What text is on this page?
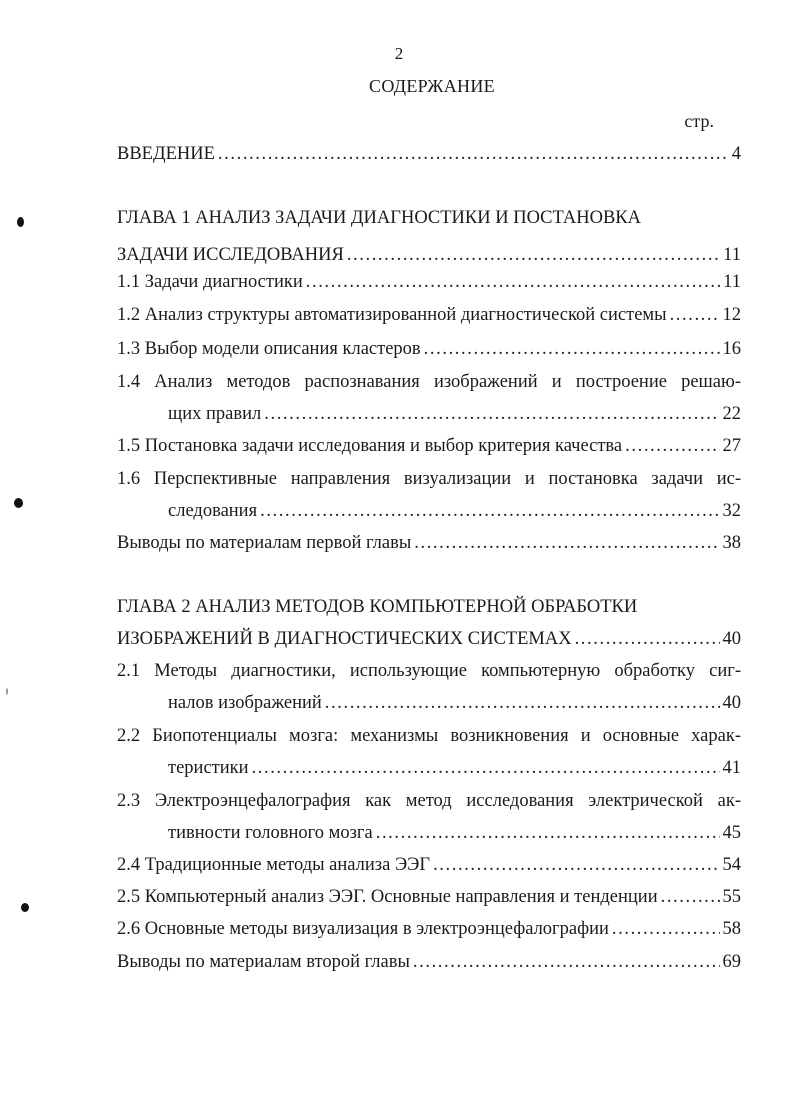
2
СОДЕРЖАНИЕ
стр.
ВВЕДЕНИЕ .....	4
ГЛАВА 1 АНАЛИЗ ЗАДАЧИ ДИАГНОСТИКИ И ПОСТАНОВКА
ЗАДАЧИ ИССЛЕДОВАНИЯ .....	11
1.1 Задачи диагностики .....	11
1.2 Анализ структуры автоматизированной диагностической системы .....	12
1.3 Выбор модели описания кластеров .....	16
1.4 Анализ методов распознавания изображений и построение решаю-
щих правил .....	22
1.5 Постановка задачи исследования и выбор критерия качества .....	27
1.6 Перспективные направления визуализации и постановка задачи ис-
следования .....	32
Выводы по материалам первой главы .....	38
ГЛАВА 2 АНАЛИЗ МЕТОДОВ КОМПЬЮТЕРНОЙ ОБРАБОТКИ
ИЗОБРАЖЕНИЙ В ДИАГНОСТИЧЕСКИХ СИСТЕМАХ .....	40
2.1 Методы диагностики, использующие компьютерную обработку сиг-
налов изображений .....	40
2.2 Биопотенциалы мозга: механизмы возникновения и основные харак-
теристики .....	41
2.3 Электроэнцефалография как метод исследования электрической ак-
тивности головного мозга .....	45
2.4 Традиционные методы анализа ЭЭГ .....	54
2.5 Компьютерный анализ ЭЭГ. Основные направления и тенденции .....	55
2.6 Основные методы визуализация в электроэнцефалографии .....	58
Выводы по материалам второй главы .....	69
